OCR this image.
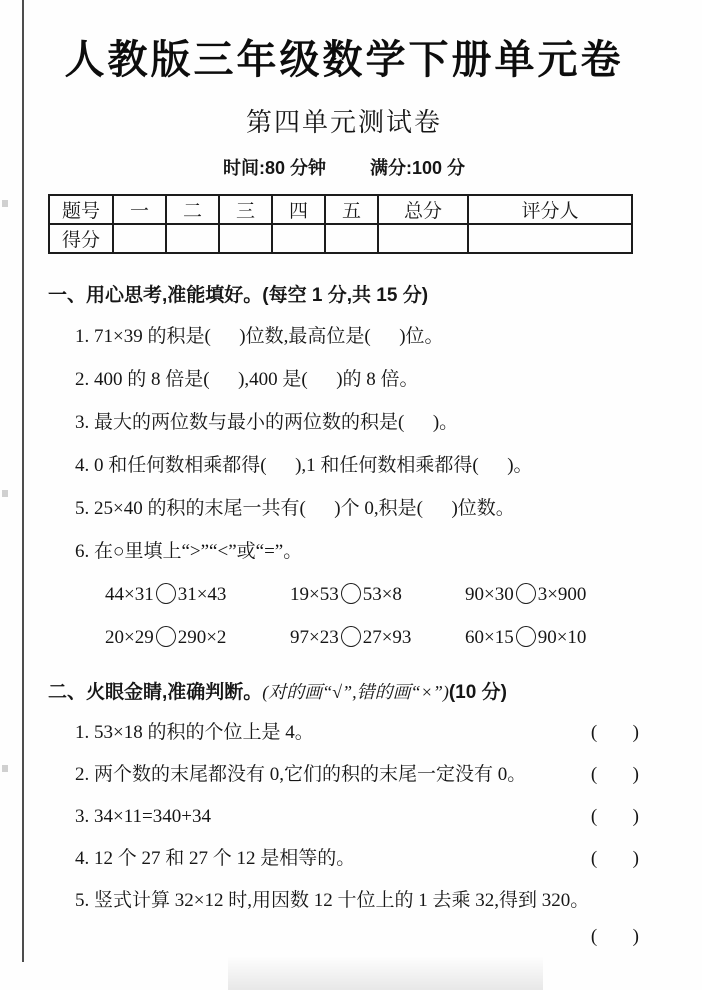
人教版三年级数学下册单元卷
第四单元测试卷
时间:80 分钟 满分:100 分
题号	一	二	三	四	五	总分	评分人
得分							
一、用心思考,准能填好。(每空 1 分,共 15 分)
1. 71×39 的积是(      )位数,最高位是(      )位。
2. 400 的 8 倍是(      ),400 是(      )的 8 倍。
3. 最大的两位数与最小的两位数的积是(      )。
4. 0 和任何数相乘都得(      ),1 和任何数相乘都得(      )。
5. 25×40 的积的末尾一共有(      )个 0,积是(      )位数。
6. 在○里填上“>”“<”或“=”。
44×31 31×43	19×53 53×8	90×30 3×900
20×29 290×2	97×23 27×93	60×15 90×10
二、火眼金睛,准确判断。(对的画“√”,错的画“×”)(10 分)
1. 53×18 的积的个位上是 4。	(      )
2. 两个数的末尾都没有 0,它们的积的末尾一定没有 0。	(      )
3. 34×11=340+34	(      )
4. 12 个 27 和 27 个 12 是相等的。	(      )
5. 竖式计算 32×12 时,用因数 12 十位上的 1 去乘 32,得到 320。
(      )
